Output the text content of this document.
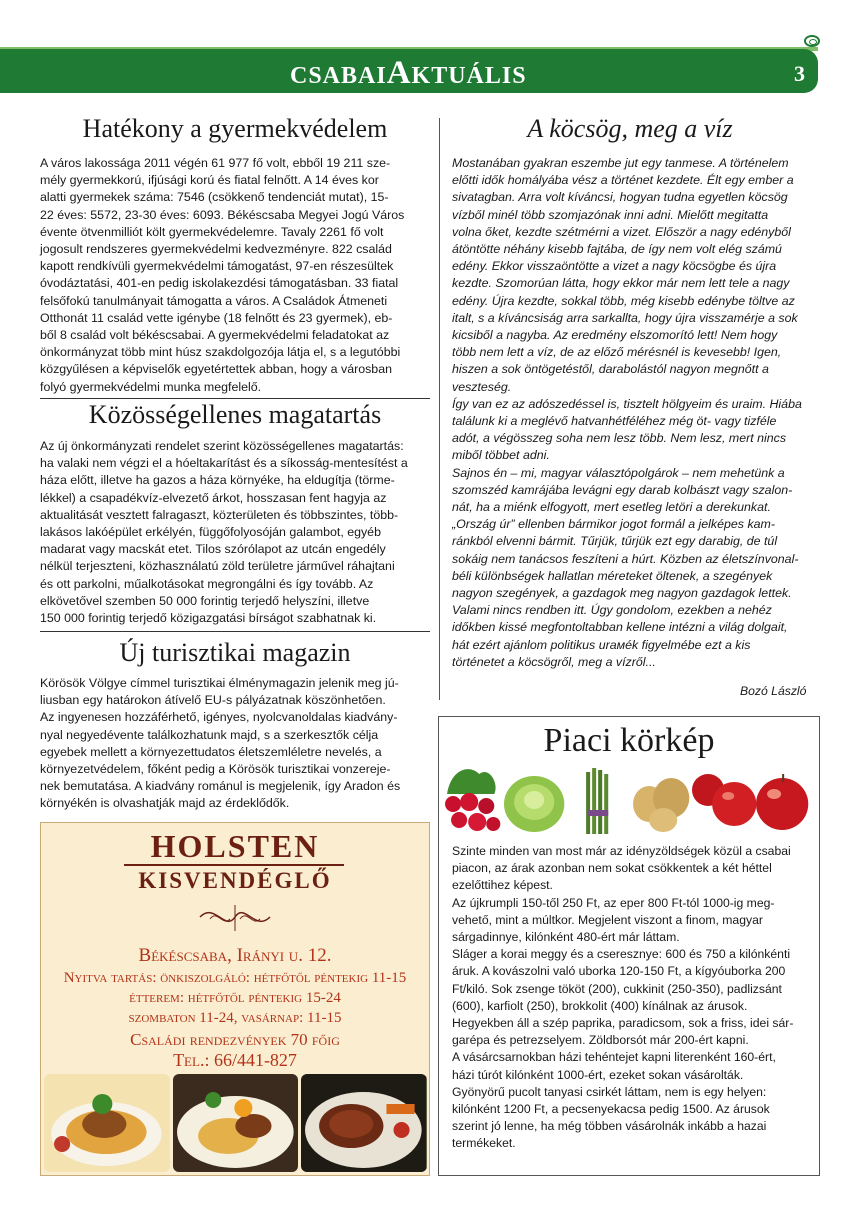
CSABAIAKTUÁLIS	3
Hatékony a gyermekvédelem

A város lakossága 2011 végén 61 977 fő volt, ebből 19 211 sze-

mély gyermekkorú, ifjúsági korú és fiatal felnőtt. A 14 éves kor

alatti gyermekek száma: 7546 (csökkenő tendenciát mutat), 15-

22 éves: 5572, 23-30 éves: 6093. Békéscsaba Megyei Jogú Város

évente ötvenmilliót költ gyermekvédelemre. Tavaly 2261 fő volt

jogosult rendszeres gyermekvédelmi kedvezményre. 822 család

kapott rendkívüli gyermekvédelmi támogatást, 97-en részesültek

óvodáztatási, 401-en pedig iskolakezdési támogatásban. 33 fiatal

felsőfokú tanulmányait támogatta a város. A Családok Átmeneti

Otthonát 11 család vette igénybe (18 felnőtt és 23 gyermek), eb-

ből 8 család volt békéscsabai. A gyermekvédelmi feladatokat az

önkormányzat több mint húsz szakdolgozója látja el, s a legutóbbi

közgyűlésen a képviselők egyetértettek abban, hogy a városban

folyó gyermekvédelmi munka megfelelő.

Közösségellenes magatartás

Az új önkormányzati rendelet szerint közösségellenes magatartás:

ha valaki nem végzi el a hóeltakarítást és a síkosság-mentesítést a

háza előtt, illetve ha gazos a háza környéke, ha eldugítja (törme-

lékkel) a csapadékvíz-elvezető árkot, hosszasan fent hagyja az

aktualitását vesztett falragaszt, közterületen és többszintes, több-

lakásos lakóépület erkélyén, függőfolyosóján galambot, egyéb

madarat vagy macskát etet. Tilos szórólapot az utcán engedély

nélkül terjeszteni, közhasználatú zöld területre járművel ráhajtani

és ott parkolni, műalkotásokat megrongálni és így tovább. Az

elkövetővel szemben 50 000 forintig terjedő helyszíni, illetve

150 000 forintig terjedő közigazgatási bírságot szabhatnak ki.

Új turisztikai magazin

Körösök Völgye címmel turisztikai élménymagazin jelenik meg jú-

liusban egy határokon átívelő EU-s pályázatnak köszönhetően.

Az ingyenesen hozzáférhető, igényes, nyolcvanoldalas kiadvány-

nyal negyedévente találkozhatunk majd, s a szerkesztők célja

egyebek mellett a környezettudatos életszemléletre nevelés, a

környezetvédelem, főként pedig a Körösök turisztikai vonzereje-

nek bemutatása. A kiadvány románul is megjelenik, így Aradon és

környékén is olvashatják majd az érdeklődők.

A köcsög, meg a víz

Mostanában gyakran eszembe jut egy tanmese. A történelem

előtti idők homályába vész a történet kezdete. Élt egy ember a

sivatagban. Arra volt kíváncsi, hogyan tudna egyetlen köcsög

vízből minél több szomjazónak inni adni. Mielőtt megitatta

volna őket, kezdte szétmérni a vizet. Először a nagy edényből

átöntötte néhány kisebb fajtába, de így nem volt elég számú

edény. Ekkor visszaöntötte a vizet a nagy köcsögbe és újra

kezdte. Szomorúan látta, hogy ekkor már nem lett tele a nagy

edény. Újra kezdte, sokkal több, még kisebb edénybe töltve az

italt, s a kíváncsiság arra sarkallta, hogy újra visszamérje a sok

kicsiből a nagyba. Az eredmény elszomorító lett! Nem hogy

több nem lett a víz, de az előző mérésnél is kevesebb! Igen,

hiszen a sok öntögetéstől, darabolástól nagyon megnőtt a

veszteség.

Így van ez az adószedéssel is, tisztelt hölgyeim és uraim. Hiába

találunk ki a meglévő hatvanhétféléhez még öt- vagy tizféle

adót, a végösszeg soha nem lesz több. Nem lesz, mert nincs

miből többet adni.

Sajnos én – mi, magyar választópolgárok – nem mehetünk a

szomszéd kamrájába levágni egy darab kolbászt vagy szalon-

nát, ha a miénk elfogyott, mert esetleg letöri a derekunkat.

„Ország úr” ellenben bármikor jogot formál a jelképes kam-

ránkból elvenni bármit. Tűrjük, tűrjük ezt egy darabig, de túl

sokáig nem tanácsos feszíteni a húrt. Közben az életszínvonal-

béli különbségek hallatlan méreteket öltenek, a szegények

nagyon szegények, a gazdagok meg nagyon gazdagok lettek.

Valami nincs rendben itt. Úgy gondolom, ezekben a nehéz

időkben kissé megfontoltabban kellene intézni a világ dolgait,

hát ezért ajánlom politikus urамék figyelmébe ezt a kis

történetet a köcsögről, meg a vízről...

Bozó László
Piaci körkép

Szinte minden van most már az idényzöldségek közül a csabai

piacon, az árak azonban nem sokat csökkentek a két héttel

ezelőttihez képest.

Az újkrumpli 150-től 250 Ft, az eper 800 Ft-tól 1000-ig meg-

vehető, mint a múltkor. Megjelent viszont a finom, magyar

sárgadinnye, kilónként 480-ért már láttam.

Sláger a korai meggy és a cseresznye: 600 és 750 a kilónkénti

áruk. A kovászolni való uborka 120-150 Ft, a kígyóuborka 200

Ft/kiló. Sok zsenge tököt (200), cukkinit (250-350), padlizsánt

(600), karfiolt (250), brokkolit (400) kínálnak az árusok.

Hegyekben áll a szép paprika, paradicsom, sok a friss, idei sár-

garépa és petrezselyem. Zöldborsót már 200-ért kapni.

A vásárcsarnokban házi tehéntejet kapni literenként 160-ért,

házi túrót kilónként 1000-ért, ezeket sokan vásárolták.

Gyönyörű pucolt tanyasi csirkét láttam, nem is egy helyen:

kilónként 1200 Ft, a pecsenyekacsa pedig 1500. Az árusok

szerint jó lenne, ha még többen vásárolnák inkább a hazai

termékeket.

HOLSTEN
KISVENDÉGLŐ
Békéscsaba, Irányi u. 12.
Nyitva tartás: önkiszolgáló: hétfőtől péntekig 11-15
étterem: hétfőtől péntekig 15-24
szombaton 11-24, vasárnap: 11-15
Családi rendezvények 70 főig
Tel.: 66/441-827
